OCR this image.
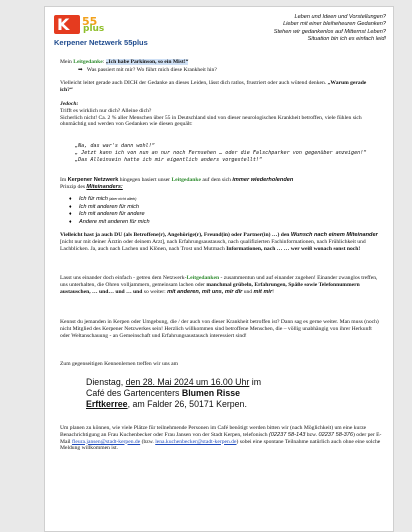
K 55
plus
Kerpener Netzwerk 55plus
Leben und Ideen und Vorstellungen?
Lieber mit einer bleiheheuren Gedanken?
Stehen wir gedankenlos auf Mitternst Leben?
Situation bin ich es einfach leid!
Mein Leitgedanke: „Ich habe Parkinson, so ein Mist!“
➡ Was passiert mit mir? Wo führt mich diese Krankheit hin?
Vielleicht leitet gerade auch DICH der Gedanke an dieses Leiden, lässt dich ratlos, frustriert oder auch wütend denken. „Warum gerade ich?“
Jedoch:
Trifft es wirklich nur dich? Alleine dich?
Sicherlich nicht! Ca. 2 % aller Menschen über 55 in Deutschland sind von dieser neurologischen Krankheit betroffen, viele fühlen sich ohnmächtig und werden von Gedanken wie diesen gequält:
„Na, das war's dann wohl!“
„ Jetzt kann ich von nun an nur noch Fernsehen … oder die Falschparker von gegenüber anzeigen!“
„Das Alleinsein hatte ich mir eigentlich anders vorgestellt!“
Im Kerpener Netzwerk hingegen basiert unser Leitgedanke auf dem sich immer wiederholenden
Prinzip des Miteinanders:
♦ Ich für mich (aber nicht allein)
♦ Ich mit anderen für mich
♦ Ich mit anderen für andere
♦ Andere mit anderen für mich
Vielleicht hast ja auch DU (als Betroffene(r), Angehörige(r), Freund(in) oder Partner(in) …) den Wunsch nach einem Miteinander [nicht nur mit deiner Ärztin oder deinem Arzt], nach Erfahrungsaustausch, nach qualifizierten Fachinformationen, nach Frühlichkeit und Lachblicken. Ja, auch nach Lachen und Klönen, nach Trost und Mutmach Informationen, nach … … wer weiß wonach sonst noch!
Lasst uns einander doch einfach - getreu dem Netzwerk-Leitgedanken - zusammentun und auf einander zugehen! Einander zwanglos treffen, uns unterhalten, die Ohren volljammern, gemeinsam lachen oder manchmal grübeln, Erfahrungen, Späße sowie Telefonnummern austauschen, … und… und … und so weiter: mit anderen, mit uns, mir dir und mit mir!
Kennst du jemanden in Kerpen oder Umgebung, die / der auch von dieser Krankheit betroffen ist? Dann sag es gerne weiter. Man muss (noch) nicht Mitglied des Kerpener Netzwerkes sein! Herzlich willkommen sind betroffene Menschen, die – völlig unabhängig von ihrer Herkunft oder Weltanschauung - an Gemeinschaft und Erfahrungsaustausch interessiert sind!
Zum gegenseitigen Kennenlernen treffen wir uns am
Dienstag, den 28. Mai 2024 um 16.00 Uhr im
Café des Gartencenters Blumen Risse
Erftkerree, am Falder 26, 50171 Kerpen.
Um planen zu können, wie viele Plätze für teilnehmende Personen im Café benötigt werden bitten wir (nach Möglichkeit) um eine kurze Benachrichtigung an Frau Kuchenbecker oder Frau Jansen von der Stadt Kerpen, telefonisch (02237 58-143 bzw. 02237 58-376) oder per E-Mail fleura.jansen@stadt-kerpen.de (bzw. lena.kuchenbecker@stadt-kerpen.de) sobei eine spontane Teilnahme natürlich auch ohne eine solche Meldung willkommen ist.
